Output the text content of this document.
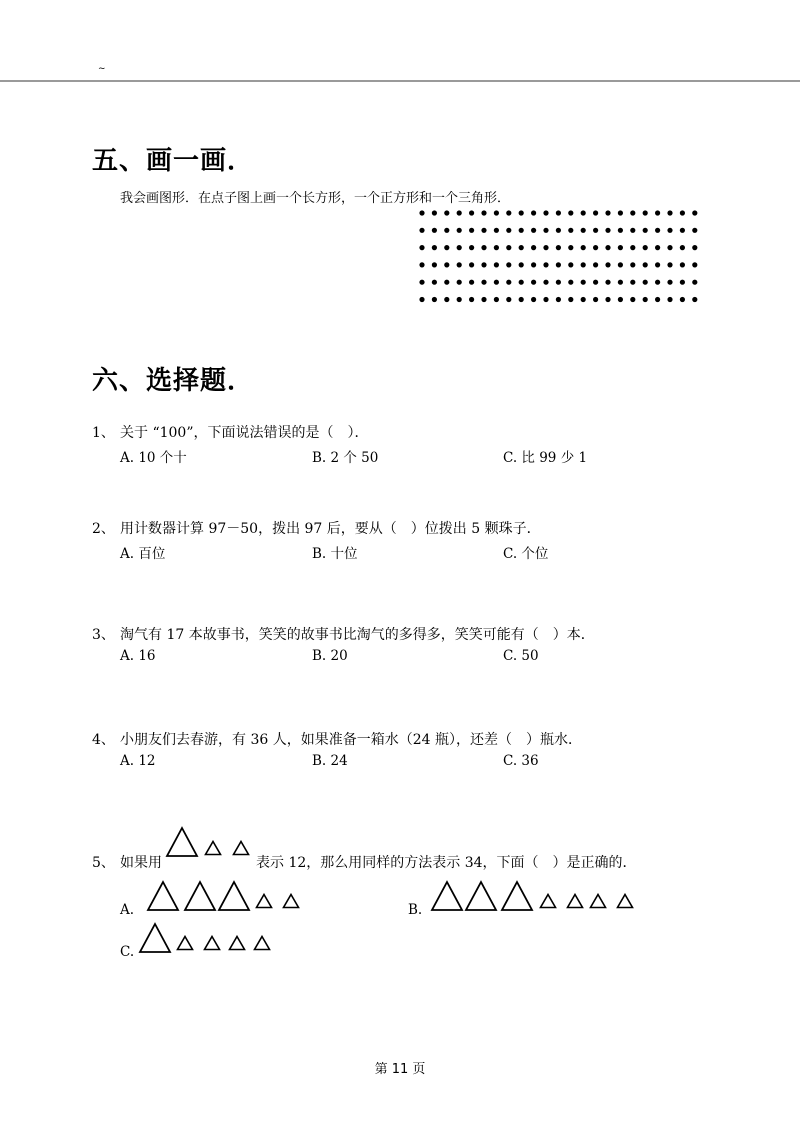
~
五、画一画．
我会画图形．在点子图上画一个长方形，一个正方形和一个三角形．
六、选择题．
1、 关于 “100”，下面说法错误的是（　）．
A. 10 个十	B. 2 个 50	C. 比 99 少 1
2、 用计数器计算 97－50，拨出 97 后，要从（　）位拨出 5 颗珠子．
A. 百位	B. 十位	C. 个位
3、 淘气有 17 本故事书，笑笑的故事书比淘气的多得多，笑笑可能有（　）本．
A. 16	B. 20	C. 50
4、 小朋友们去春游，有 36 人，如果准备一箱水（24 瓶），还差（　）瓶水．
A. 12	B. 24	C. 36
5、 如果用	表示 12，那么用同样的方法表示 34，下面（　）是正确的．
A.	B.
C.
第 11 页
